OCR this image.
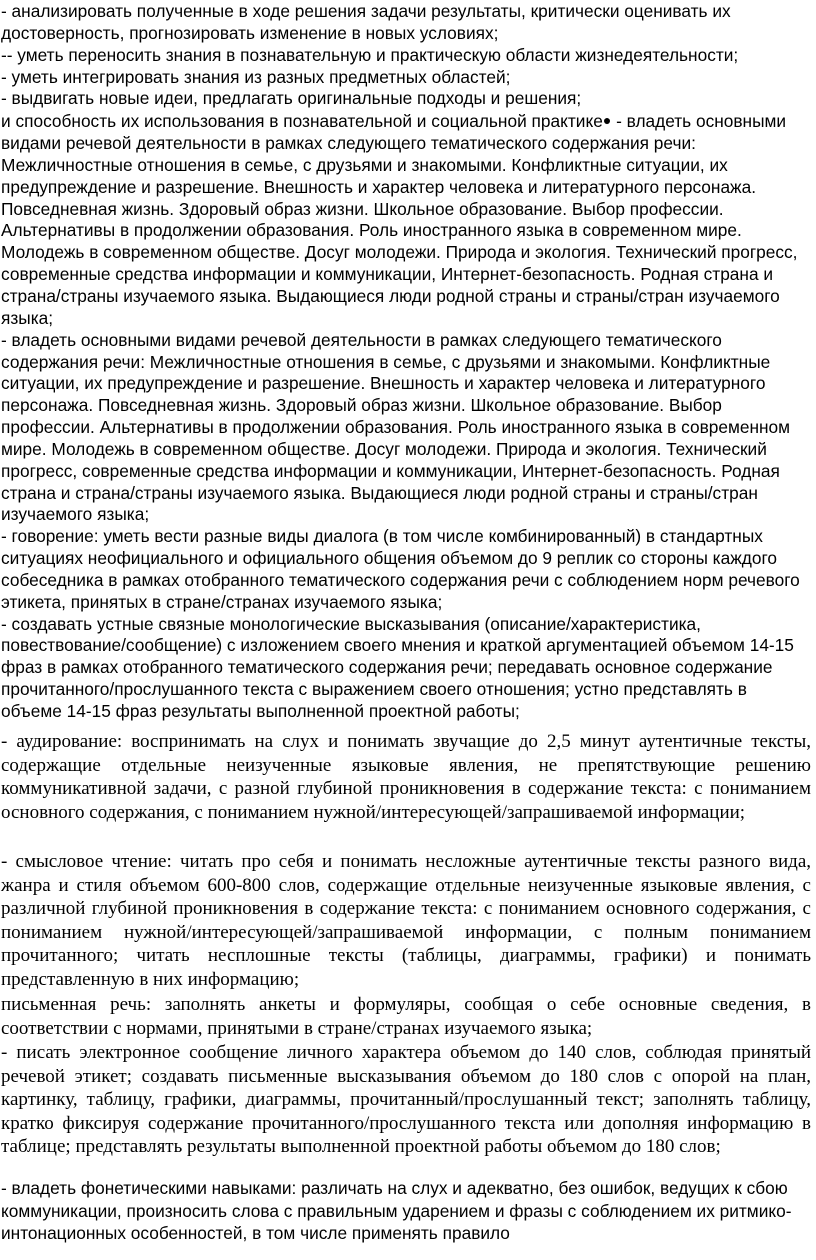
- анализировать полученные в ходе решения задачи результаты, критически оценивать их достоверность, прогнозировать изменение в новых условиях;
-- уметь переносить знания в познавательную и практическую области жизнедеятельности;
- уметь интегрировать знания из разных предметных областей;
- выдвигать новые идеи, предлагать оригинальные подходы и решения;
и способность их использования в познавательной и социальной практике● - владеть основными видами речевой деятельности в рамках следующего тематического содержания речи: Межличностные отношения в семье, с друзьями и знакомыми. Конфликтные ситуации, их предупреждение и разрешение. Внешность и характер человека и литературного персонажа. Повседневная жизнь. Здоровый образ жизни. Школьное образование. Выбор профессии. Альтернативы в продолжении образования. Роль иностранного языка в современном мире. Молодежь в современном обществе. Досуг молодежи. Природа и экология. Технический прогресс, современные средства информации и коммуникации, Интернет-безопасность. Родная страна и страна/страны изучаемого языка. Выдающиеся люди родной страны и страны/стран изучаемого языка;
- владеть основными видами речевой деятельности в рамках следующего тематического содержания речи: Межличностные отношения в семье, с друзьями и знакомыми. Конфликтные ситуации, их предупреждение и разрешение. Внешность и характер человека и литературного персонажа. Повседневная жизнь. Здоровый образ жизни. Школьное образование. Выбор профессии. Альтернативы в продолжении образования. Роль иностранного языка в современном мире. Молодежь в современном обществе. Досуг молодежи. Природа и экология. Технический прогресс, современные средства информации и коммуникации, Интернет-безопасность. Родная страна и страна/страны изучаемого языка. Выдающиеся люди родной страны и страны/стран изучаемого языка;
- говорение: уметь вести разные виды диалога (в том числе комбинированный) в стандартных ситуациях неофициального и официального общения объемом до 9 реплик со стороны каждого собеседника в рамках отобранного тематического содержания речи с соблюдением норм речевого этикета, принятых в стране/странах изучаемого языка;
- создавать устные связные монологические высказывания (описание/характеристика, повествование/сообщение) с изложением своего мнения и краткой аргументацией объемом 14-15 фраз в рамках отобранного тематического содержания речи; передавать основное содержание прочитанного/прослушанного текста с выражением своего отношения; устно представлять в объеме 14-15 фраз результаты выполненной проектной работы;

- аудирование: воспринимать на слух и понимать звучащие до 2,5 минут аутентичные тексты, содержащие отдельные неизученные языковые явления, не препятствующие решению коммуникативной задачи, с разной глубиной проникновения в содержание текста: с пониманием основного содержания, с пониманием нужной/интересующей/запрашиваемой информации;

- смысловое чтение: читать про себя и понимать несложные аутентичные тексты разного вида, жанра и стиля объемом 600-800 слов, содержащие отдельные неизученные языковые явления, с различной глубиной проникновения в содержание текста: с пониманием основного содержания, с пониманием нужной/интересующей/запрашиваемой информации, с полным пониманием прочитанного; читать несплошные тексты (таблицы, диаграммы, графики) и понимать представленную в них информацию;

письменная речь: заполнять анкеты и формуляры, сообщая о себе основные сведения, в соответствии с нормами, принятыми в стране/странах изучаемого языка;

- писать электронное сообщение личного характера объемом до 140 слов, соблюдая принятый речевой этикет; создавать письменные высказывания объемом до 180 слов с опорой на план, картинку, таблицу, графики, диаграммы, прочитанный/прослушанный текст; заполнять таблицу, кратко фиксируя содержание прочитанного/прослушанного текста или дополняя информацию в таблице; представлять результаты выполненной проектной работы объемом до 180 слов;

- владеть фонетическими навыками: различать на слух и адекватно, без ошибок, ведущих к сбою коммуникации, произносить слова с правильным ударением и фразы с соблюдением их ритмико-интонационных особенностей, в том числе применять правило
